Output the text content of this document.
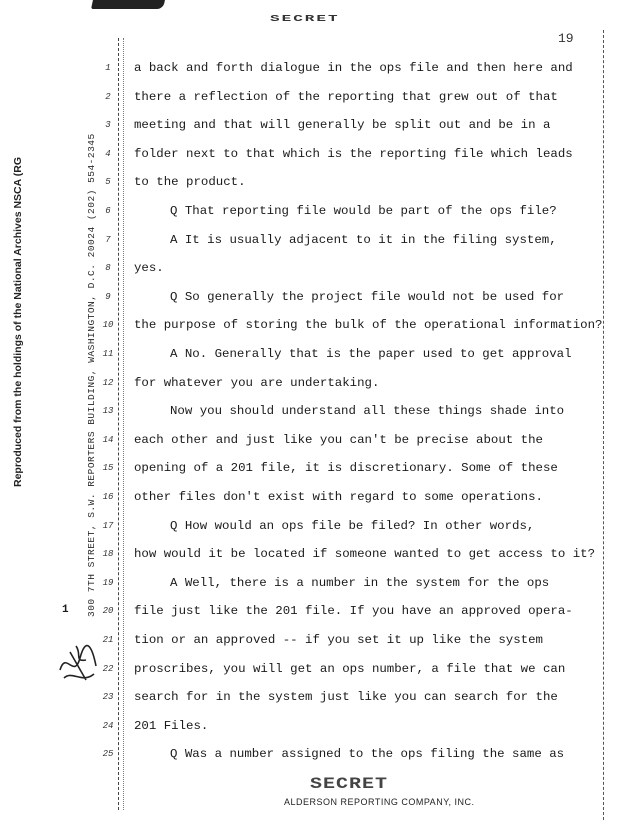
SECRET
19
Reproduced from the holdings of the National Archives NSCA (RG	300 7TH STREET, S.W. REPORTERS BUILDING, WASHINGTON, D.C. 20024 (202) 554-2345
1
1	a back and forth dialogue in the ops file and then here and
2	there a reflection of the reporting that grew out of that
3	meeting and that will generally be split out and be in a
4	folder next to that which is the reporting file which leads
5	to the product.
6	Q That reporting file would be part of the ops file?
7	A It is usually adjacent to it in the filing system,
8	yes.
9	Q So generally the project file would not be used for
10 the purpose of storing the bulk of the operational information?
11	A No. Generally that is the paper used to get approval
12 for whatever you are undertaking.
13	Now you should understand all these things shade into
14 each other and just like you can't be precise about the
15 opening of a 201 file, it is discretionary. Some of these
16 other files don't exist with regard to some operations.
17	Q How would an ops file be filed? In other words,
18 how would it be located if someone wanted to get access to it?
19	A Well, there is a number in the system for the ops
20 file just like the 201 file. If you have an approved opera-
21 tion or an approved -- if you set it up like the system
22 proscribes, you will get an ops number, a file that we can
23 search for in the system just like you can search for the
24 201 Files.
25	Q Was a number assigned to the ops filing the same as
SECRET
ALDERSON REPORTING COMPANY, INC.
